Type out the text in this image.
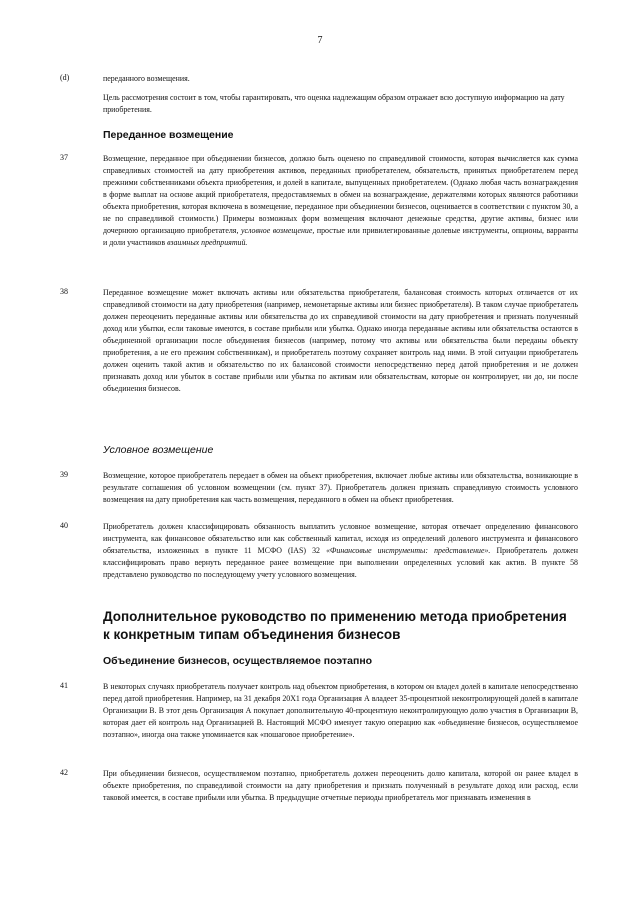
7
(d)	переданного возмещения.
Цель рассмотрения состоит в том, чтобы гарантировать, что оценка надлежащим образом отражает всю доступную информацию на дату приобретения.
Переданное возмещение
37	Возмещение, переданное при объединении бизнесов, должно быть оценено по справедливой стоимости, которая вычисляется как сумма справедливых стоимостей на дату приобретения активов, переданных приобретателем, обязательств, принятых приобретателем перед прежними собственниками объекта приобретения, и долей в капитале, выпущенных приобретателем. (Однако любая часть вознаграждения в форме выплат на основе акций приобретателя, предоставляемых в обмен на вознаграждение, держателями которых являются работники объекта приобретения, которая включена в возмещение, переданное при объединении бизнесов, оценивается в соответствии с пунктом 30, а не по справедливой стоимости.) Примеры возможных форм возмещения включают денежные средства, другие активы, бизнес или дочернюю организацию приобретателя, условное возмещение, простые или привилегированные долевые инструменты, опционы, варранты и доли участников взаимных предприятий.
38	Переданное возмещение может включать активы или обязательства приобретателя, балансовая стоимость которых отличается от их справедливой стоимости на дату приобретения (например, немонетарные активы или бизнес приобретателя). В таком случае приобретатель должен переоценить переданные активы или обязательства до их справедливой стоимости на дату приобретения и признать полученный доход или убытки, если таковые имеются, в составе прибыли или убытка. Однако иногда переданные активы или обязательства остаются в объединенной организации после объединения бизнесов (например, потому что активы или обязательства были переданы объекту приобретения, а не его прежним собственникам), и приобретатель поэтому сохраняет контроль над ними. В этой ситуации приобретатель должен оценить такой актив и обязательство по их балансовой стоимости непосредственно перед датой приобретения и не должен признавать доход или убыток в составе прибыли или убытка по активам или обязательствам, которые он контролирует, ни до, ни после объединения бизнесов.
Условное возмещение
39	Возмещение, которое приобретатель передает в обмен на объект приобретения, включает любые активы или обязательства, возникающие в результате соглашения об условном возмещении (см. пункт 37). Приобретатель должен признать справедливую стоимость условного возмещения на дату приобретения как часть возмещения, переданного в обмен на объект приобретения.
40	Приобретатель должен классифицировать обязанность выплатить условное возмещение, которая отвечает определению финансового инструмента, как финансовое обязательство или как собственный капитал, исходя из определений долевого инструмента и финансового обязательства, изложенных в пункте 11 МСФО (IAS) 32 «Финансовые инструменты: представление». Приобретатель должен классифицировать право вернуть переданное ранее возмещение при выполнении определенных условий как актив. В пункте 58 представлено руководство по последующему учету условного возмещения.
Дополнительное руководство по применению метода приобретения к конкретным типам объединения бизнесов
Объединение бизнесов, осуществляемое поэтапно
41	В некоторых случаях приобретатель получает контроль над объектом приобретения, в котором он владел долей в капитале непосредственно перед датой приобретения. Например, на 31 декабря 20X1 года Организация А владеет 35-процентной неконтролирующей долей в капитале Организации В. В этот день Организация А покупает дополнительную 40-процентную неконтролирующую долю участия в Организации В, которая дает ей контроль над Организацией В. Настоящий МСФО именует такую операцию как «объединение бизнесов, осуществляемое поэтапно», иногда она также упоминается как «пошаговое приобретение».
42	При объединении бизнесов, осуществляемом поэтапно, приобретатель должен переоценить долю капитала, которой он ранее владел в объекте приобретения, по справедливой стоимости на дату приобретения и признать полученный в результате доход или расход, если таковой имеется, в составе прибыли или убытка. В предыдущие отчетные периоды приобретатель мог признавать изменения в
